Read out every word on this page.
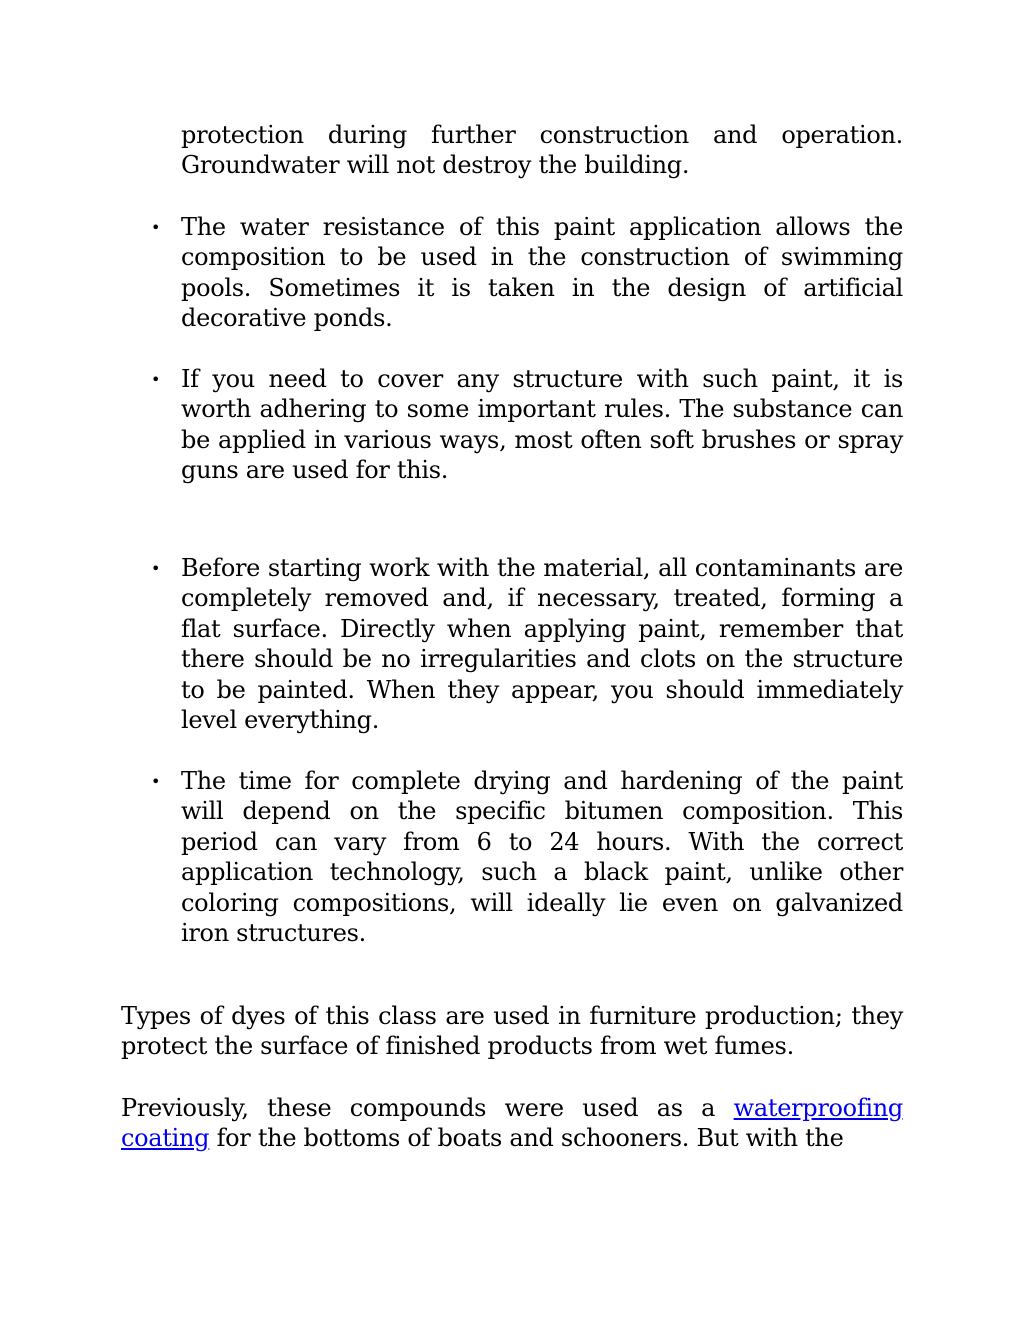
protection during further construction and operation. Groundwater will not destroy the building.

• The water resistance of this paint application allows the composition to be used in the construction of swimming pools. Sometimes it is taken in the design of artificial decorative ponds.

• If you need to cover any structure with such paint, it is worth adhering to some important rules. The substance can be applied in various ways, most often soft brushes or spray guns are used for this.

• Before starting work with the material, all contaminants are completely removed and, if necessary, treated, forming a flat surface. Directly when applying paint, remember that there should be no irregularities and clots on the structure to be painted. When they appear, you should immediately level everything.

• The time for complete drying and hardening of the paint will depend on the specific bitumen composition. This period can vary from 6 to 24 hours. With the correct application technology, such a black paint, unlike other coloring compositions, will ideally lie even on galvanized iron structures.

Types of dyes of this class are used in furniture production; they protect the surface of finished products from wet fumes.

Previously, these compounds were used as a waterproofing coating for the bottoms of boats and schooners. But with the
